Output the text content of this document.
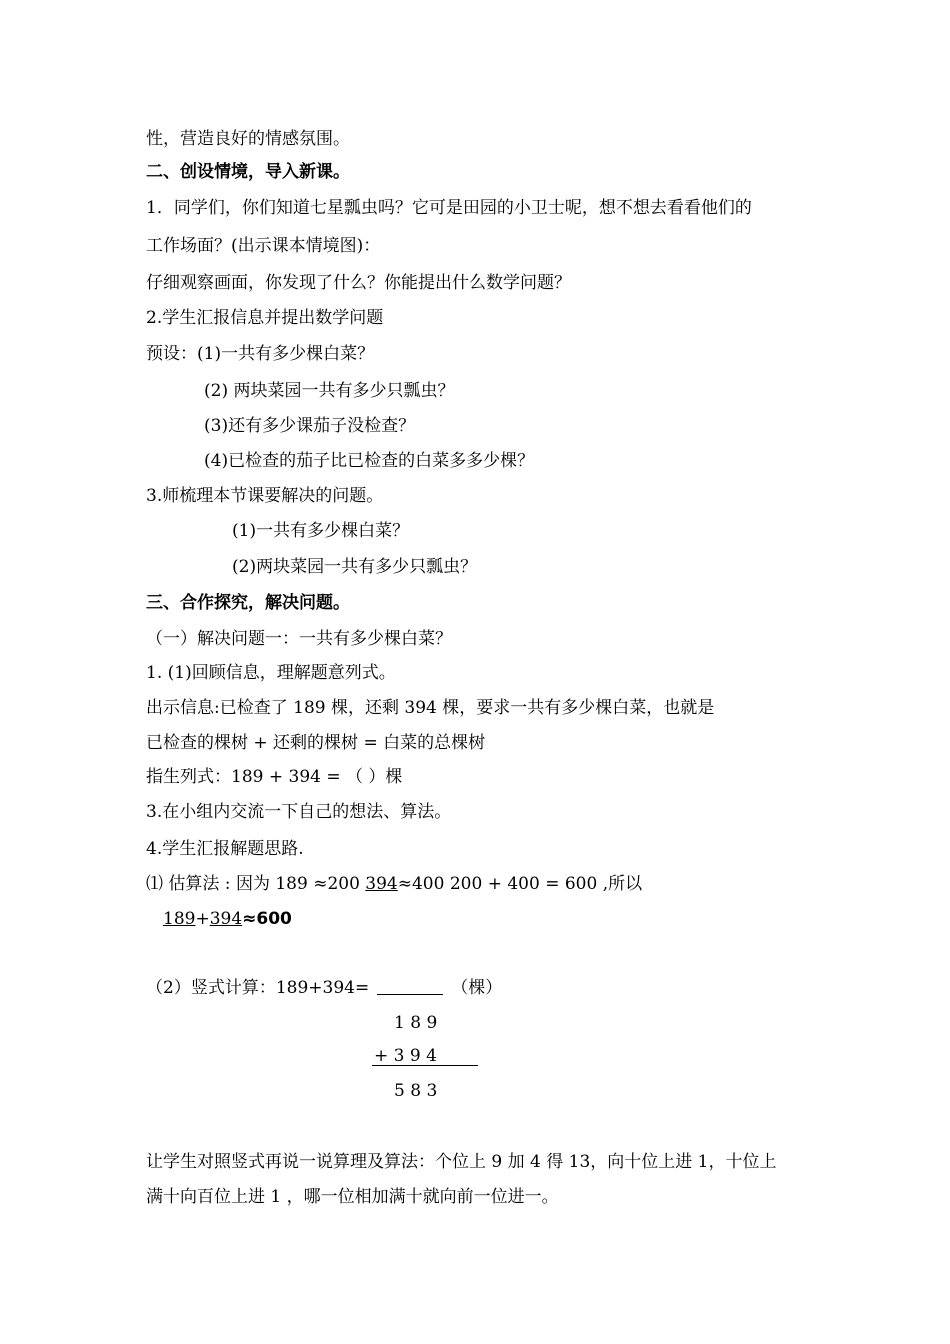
性，营造良好的情感氛围。
二、创设情境，导入新课。
1．同学们，你们知道七星瓢虫吗？它可是田园的小卫士呢，想不想去看看他们的
工作场面？(出示课本情境图)：
仔细观察画面，你发现了什么？你能提出什么数学问题？
2.学生汇报信息并提出数学问题
预设：(1)一共有多少棵白菜？
(2) 两块菜园一共有多少只瓢虫？
(3)还有多少课茄子没检查？
(4)已检查的茄子比已检查的白菜多多少棵？
3.师梳理本节课要解决的问题。
(1)一共有多少棵白菜？
(2)两块菜园一共有多少只瓢虫？
三、合作探究，解决问题。
（一）解决问题一：一共有多少棵白菜？
1. (1)回顾信息，理解题意列式。
出示信息:已检查了 189 棵，还剩 394 棵，要求一共有多少棵白菜，也就是
已检查的棵树 + 还剩的棵树 = 白菜的总棵树
指生列式：189 + 394 = （ ）棵
3.在小组内交流一下自己的想法、算法。
4.学生汇报解题思路.
⑴ 估算法 : 因为 189 ≈200 394≈400 200 + 400 = 600 ,所以
189+394≈600
（2）竖式计算：189+394=	（棵）
1 8 9
+ 3 9 4
5 8 3
让学生对照竖式再说一说算理及算法：个位上 9 加 4 得 13，向十位上进 1，十位上
满十向百位上进 1 ，哪一位相加满十就向前一位进一。
